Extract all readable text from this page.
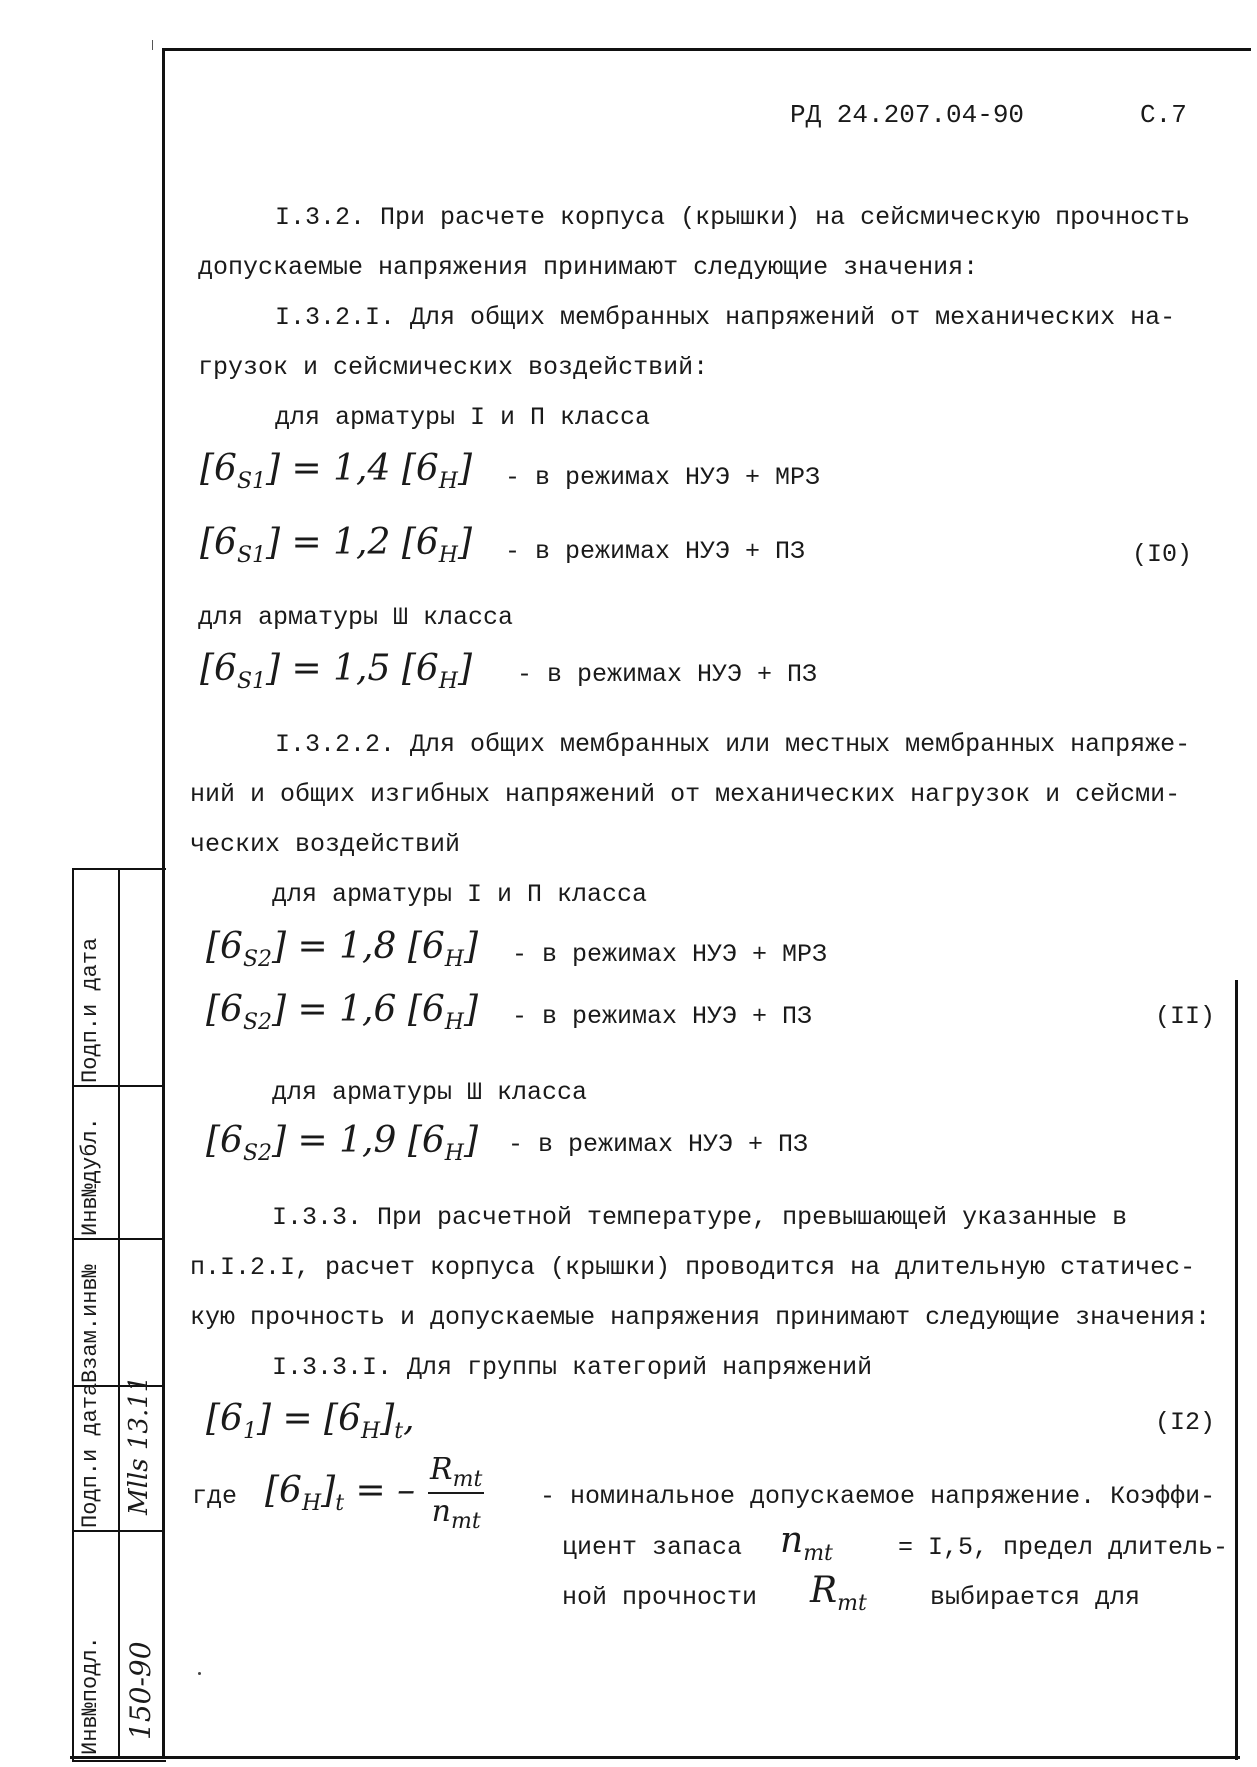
Инв№подл.
Подп.и дата
Взам.инв№
Инв№дубл.
Подп.и дата
150-90
Mlls 13.11
РД 24.207.04-90	С.7
I.3.2. При расчете корпуса (крышки) на сейсмическую прочность
допускаемые напряжения принимают следующие значения:
I.3.2.I. Для общих мембранных напряжений от механических на-
грузок и сейсмических воздействий:
для арматуры I и П класса
$[6_{S1}] = 1,4$ $[6_H]$ - в режимах НУЭ + МРЗ
$[6_{S1}] = 1,2$ $[6_H]$ - в режимах НУЭ + ПЗ	(I0)
для арматуры Ш класса
$[6_{S1}] = 1,5$ $[6_H]$ - в режимах НУЭ + ПЗ
I.3.2.2. Для общих мембранных или местных мембранных напряже-
ний и общих изгибных напряжений от механических нагрузок и сейсми-
ческих воздействий
для арматуры I и П класса
$[6_{S2}] = 1,8$ $[6_H]$ - в режимах НУЭ + МРЗ
$[6_{S2}] = 1,6$ $[6_H]$ - в режимах НУЭ + ПЗ	(II)
для арматуры Ш класса
$[6_{S2}] = 1,9$ $[6_H]$ - в режимах НУЭ + ПЗ
I.3.3. При расчетной температуре, превышающей указанные в
п.I.2.I, расчет корпуса (крышки) проводится на длительную статичес-
кую прочность и допускаемые напряжения принимают следующие значения:
I.3.3.I. Для группы категорий напряжений
$[6_1] = [6_H]_t$,	(I2)
где $[6_H]_t$ = – $\frac{R_{mt}}{n_{mt}}$ - номинальное допускаемое напряжение. Коэффи-
циент запаса $n_{mt}$	= I,5, предел длитель-
ной прочности $R_{mt}$	выбирается для
